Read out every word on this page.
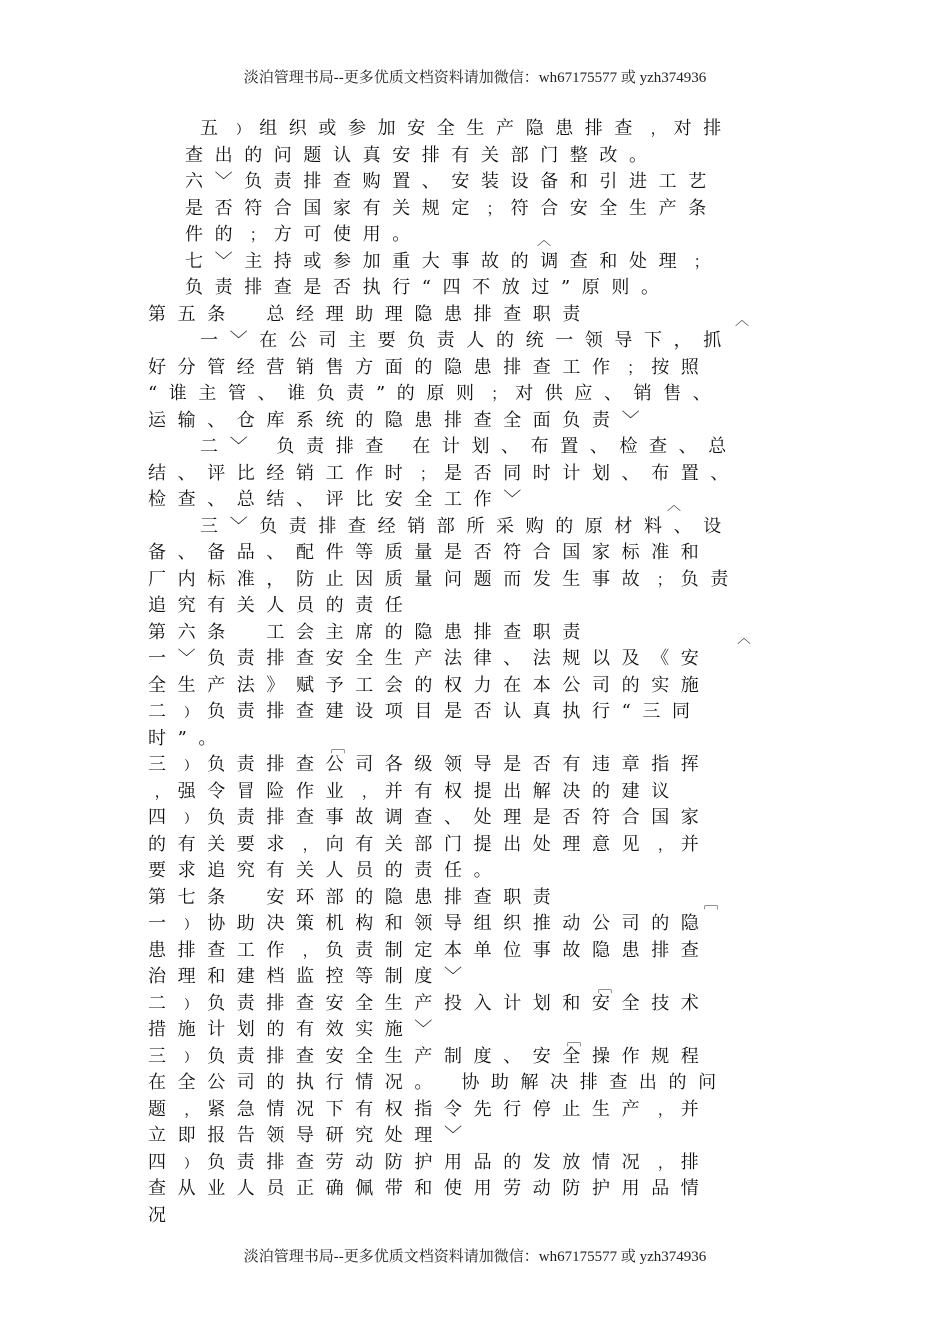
淡泊管理书局--更多优质文档资料请加微信：wh67175577 或 yzh374936
五﹚组织或参加安全生产隐患排查﹐对排
查出的问题认真安排有关部门整改。
六﹀负责排查购置、安装设备和引进工艺
是否符合国家有关规定﹔符合安全生产条
件的﹔方可使用。
七﹀主持或参加重大事故的调查和处理﹔
负责排查是否执行“四不放过”原则。
第五条　总经理助理隐患排查职责
一﹀在公司主要负责人的统一领导下，抓
好分管经营销售方面的隐患排查工作﹔按照
“谁主管、谁负责”的原则﹔对供应、销售、
运输、仓库系统的隐患排查全面负责﹀
二﹀ 负责排查 在计划、布置、检查、总
结、评比经销工作时﹔是否同时计划、布置、
检查、总结、评比安全工作﹀
三﹀负责排查经销部所采购的原材料、设
备、备品、配件等质量是否符合国家标准和
厂内标准，防止因质量问题而发生事故﹔负责
追究有关人员的责任
第六条　工会主席的隐患排查职责
一﹀负责排查安全生产法律、法规以及《安
全生产法》赋予工会的权力在本公司的实施
二﹚负责排查建设项目是否认真执行“三同
时”。
三﹚负责排查公司各级领导是否有违章指挥
﹐强令冒险作业﹐并有权提出解决的建议
四﹚负责排查事故调查、处理是否符合国家
的有关要求﹐向有关部门提出处理意见﹐并
要求追究有关人员的责任。
第七条　安环部的隐患排查职责
一﹚协助决策机构和领导组织推动公司的隐
患排查工作﹐负责制定本单位事故隐患排查
治理和建档监控等制度﹀
二﹚负责排查安全生产投入计划和安全技术
措施计划的有效实施﹀
三﹚负责排查安全生产制度、安全操作规程
在全公司的执行情况。 协助解决排查出的问
题﹐紧急情况下有权指令先行停止生产﹐并
立即报告领导研究处理﹀
四﹚负责排查劳动防护用品的发放情况﹐排
查从业人员正确佩带和使用劳动防护用品情
况
︿
︿
︿
︿
﹇
﹇
﹇
﹇
淡泊管理书局--更多优质文档资料请加微信：wh67175577 或 yzh374936
